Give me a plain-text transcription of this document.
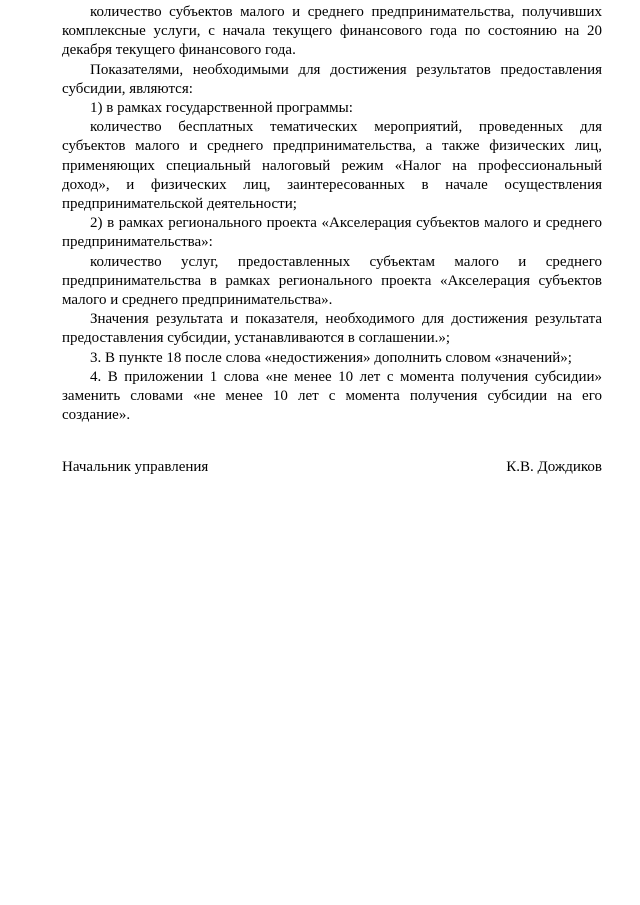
количество субъектов малого и среднего предпринимательства, получивших комплексные услуги, с начала текущего финансового года по состоянию на 20 декабря текущего финансового года.

Показателями, необходимыми для достижения результатов предоставления субсидии, являются:

1) в рамках государственной программы:

количество бесплатных тематических мероприятий, проведенных для субъектов малого и среднего предпринимательства, а также физических лиц, применяющих специальный налоговый режим «Налог на профессиональный доход», и физических лиц, заинтересованных в начале осуществления предпринимательской деятельности;

2) в рамках регионального проекта «Акселерация субъектов малого и среднего предпринимательства»:

количество услуг, предоставленных субъектам малого и среднего предпринимательства в рамках регионального проекта «Акселерация субъектов малого и среднего предпринимательства».

Значения результата и показателя, необходимого для достижения результата предоставления субсидии, устанавливаются в соглашении.»;

3. В пункте 18 после слова «недостижения» дополнить словом «значений»;

4. В приложении 1 слова «не менее 10 лет с момента получения субсидии» заменить словами «не менее 10 лет с момента получения субсидии на его создание».

Начальник управления	К.В. Дождиков
